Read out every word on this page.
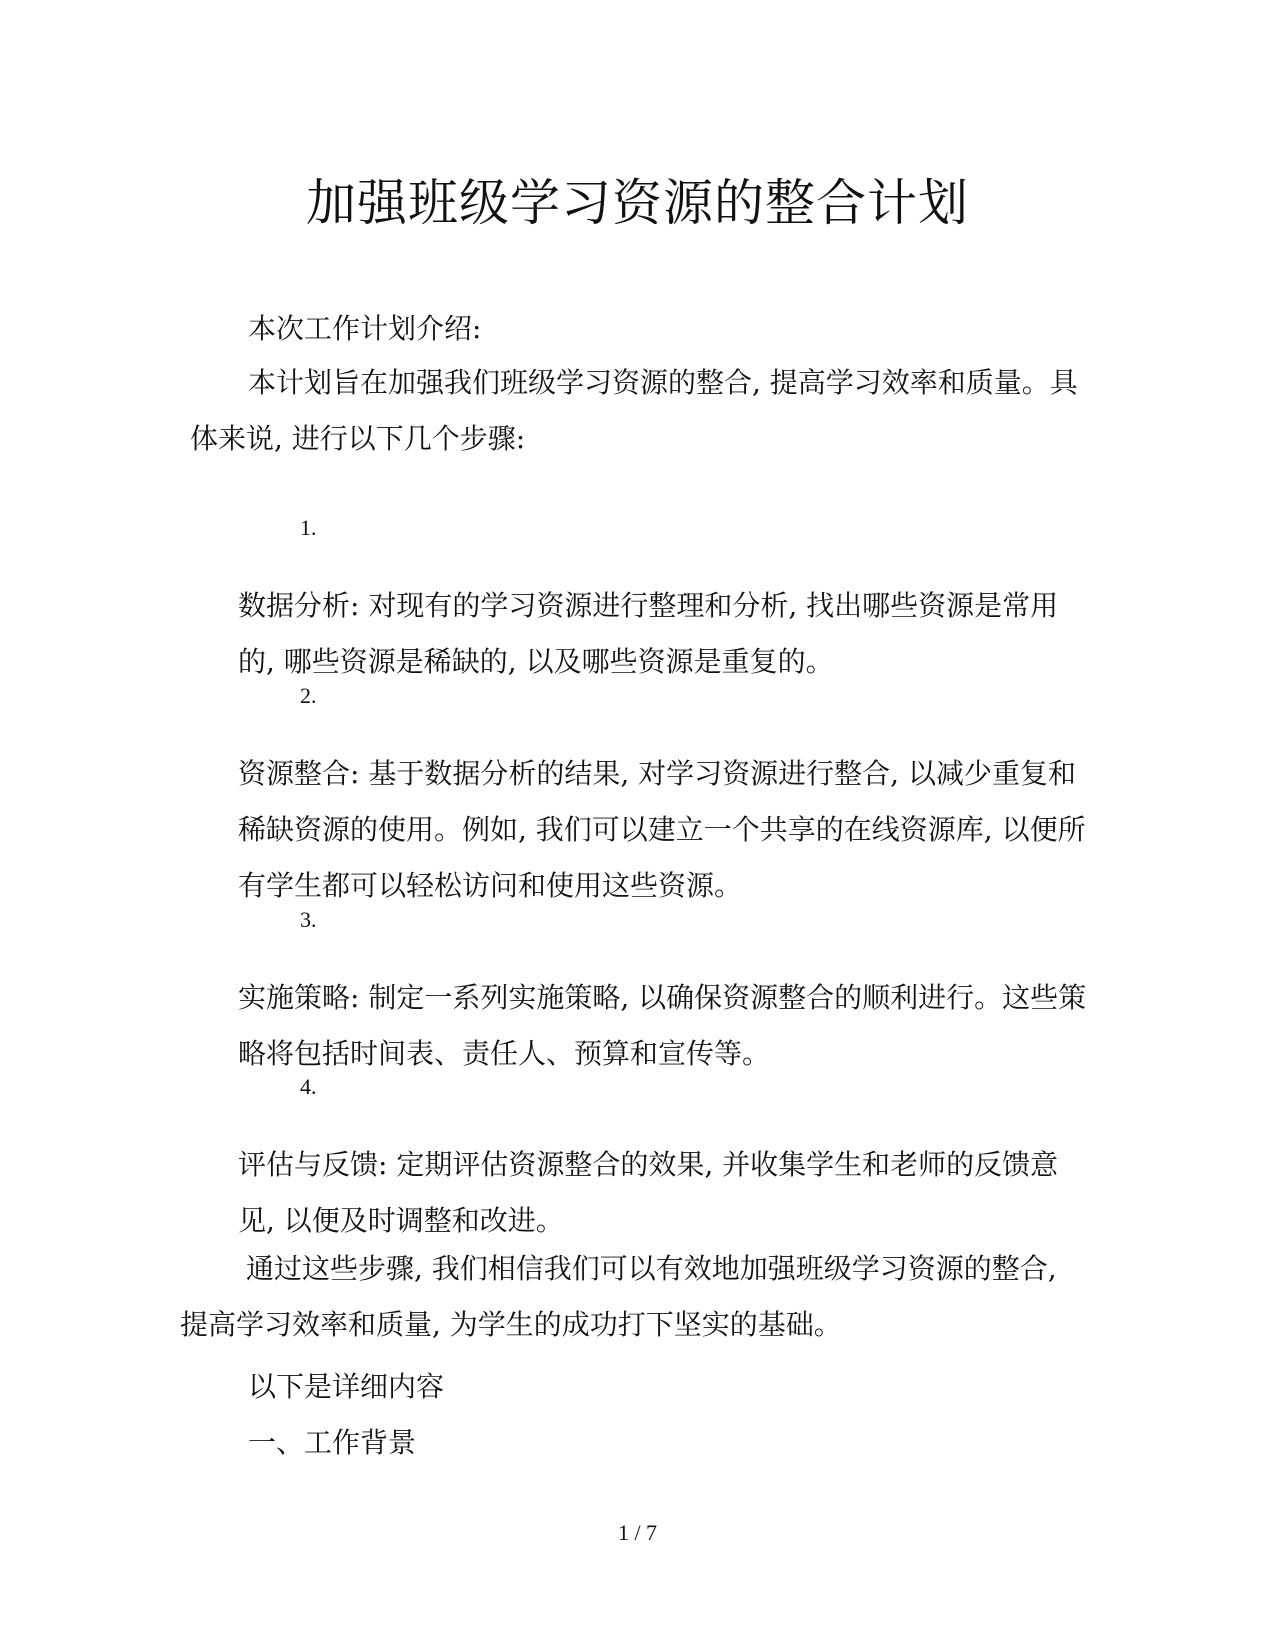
加强班级学习资源的整合计划

本次工作计划介绍:

本计划旨在加强我们班级学习资源的整合, 提高学习效率和质量。具体来说, 进行以下几个步骤:

1.

数据分析: 对现有的学习资源进行整理和分析, 找出哪些资源是常用的, 哪些资源是稀缺的, 以及哪些资源是重复的。

2.

资源整合: 基于数据分析的结果, 对学习资源进行整合, 以减少重复和稀缺资源的使用。例如, 我们可以建立一个共享的在线资源库, 以便所有学生都可以轻松访问和使用这些资源。

3.

实施策略: 制定一系列实施策略, 以确保资源整合的顺利进行。这些策略将包括时间表、责任人、预算和宣传等。

4.

评估与反馈: 定期评估资源整合的效果, 并收集学生和老师的反馈意见, 以便及时调整和改进。

通过这些步骤, 我们相信我们可以有效地加强班级学习资源的整合, 提高学习效率和质量, 为学生的成功打下坚实的基础。

以下是详细内容

一、工作背景

1 / 7
